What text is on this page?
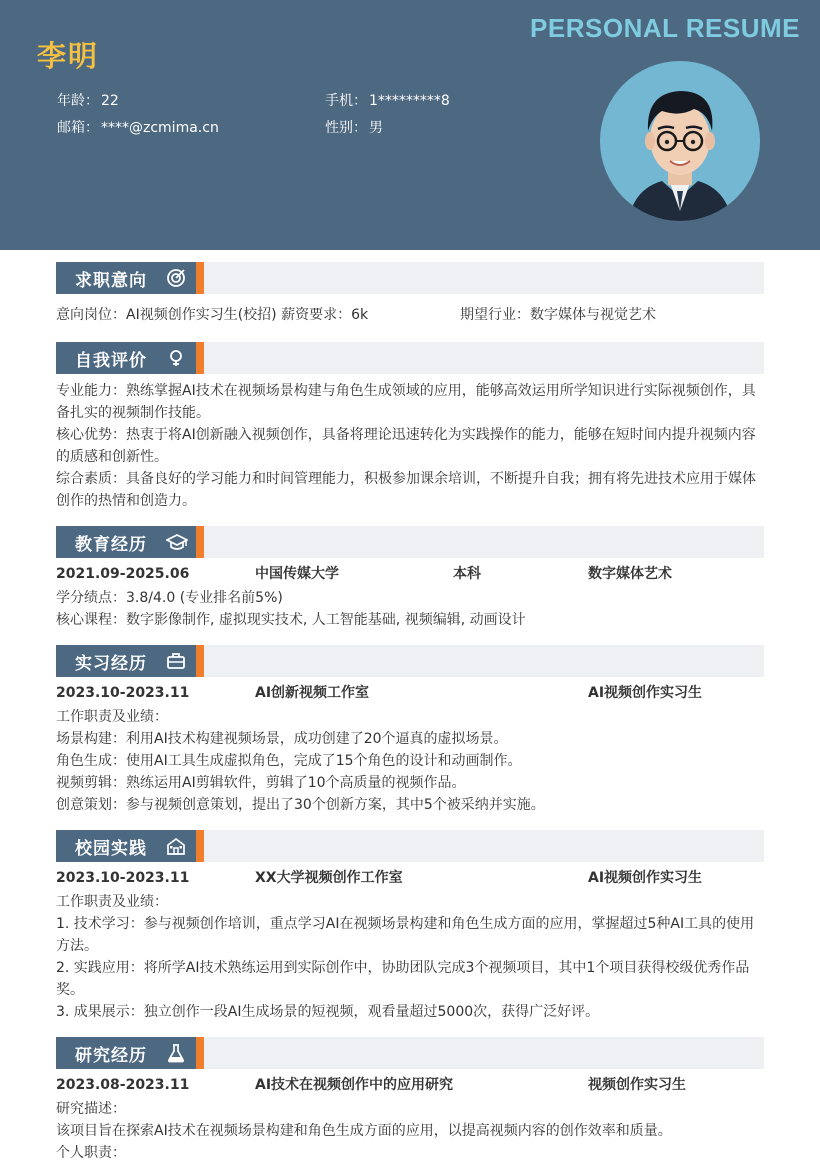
PERSONAL RESUME
李明
年龄： 22	手机： 1*********8
邮箱： ****@zcmima.cn	性别： 男
求职意向
意向岗位：AI视频创作实习生(校招) 薪资要求：6k	期望行业：数字媒体与视觉艺术
自我评价
专业能力：熟练掌握AI技术在视频场景构建与角色生成领域的应用，能够高效运用所学知识进行实际视频创作，具备扎实的视频制作技能。
核心优势：热衷于将AI创新融入视频创作，具备将理论迅速转化为实践操作的能力，能够在短时间内提升视频内容的质感和创新性。
综合素质：具备良好的学习能力和时间管理能力，积极参加课余培训，不断提升自我；拥有将先进技术应用于媒体创作的热情和创造力。
教育经历
2021.09-2025.06	中国传媒大学	本科	数字媒体艺术
学分绩点：3.8/4.0 (专业排名前5%)
核心课程：数字影像制作, 虚拟现实技术, 人工智能基础, 视频编辑, 动画设计
实习经历
2023.10-2023.11	AI创新视频工作室	AI视频创作实习生
工作职责及业绩：
场景构建：利用AI技术构建视频场景，成功创建了20个逼真的虚拟场景。
角色生成：使用AI工具生成虚拟角色，完成了15个角色的设计和动画制作。
视频剪辑：熟练运用AI剪辑软件，剪辑了10个高质量的视频作品。
创意策划：参与视频创意策划，提出了30个创新方案，其中5个被采纳并实施。
校园实践
2023.10-2023.11	XX大学视频创作工作室	AI视频创作实习生
工作职责及业绩：
1. 技术学习：参与视频创作培训，重点学习AI在视频场景构建和角色生成方面的应用，掌握超过5种AI工具的使用方法。
2. 实践应用：将所学AI技术熟练运用到实际创作中，协助团队完成3个视频项目，其中1个项目获得校级优秀作品奖。
3. 成果展示：独立创作一段AI生成场景的短视频，观看量超过5000次，获得广泛好评。
研究经历
2023.08-2023.11	AI技术在视频创作中的应用研究	视频创作实习生
研究描述：
该项目旨在探索AI技术在视频场景构建和角色生成方面的应用，以提高视频内容的创作效率和质量。
个人职责：
